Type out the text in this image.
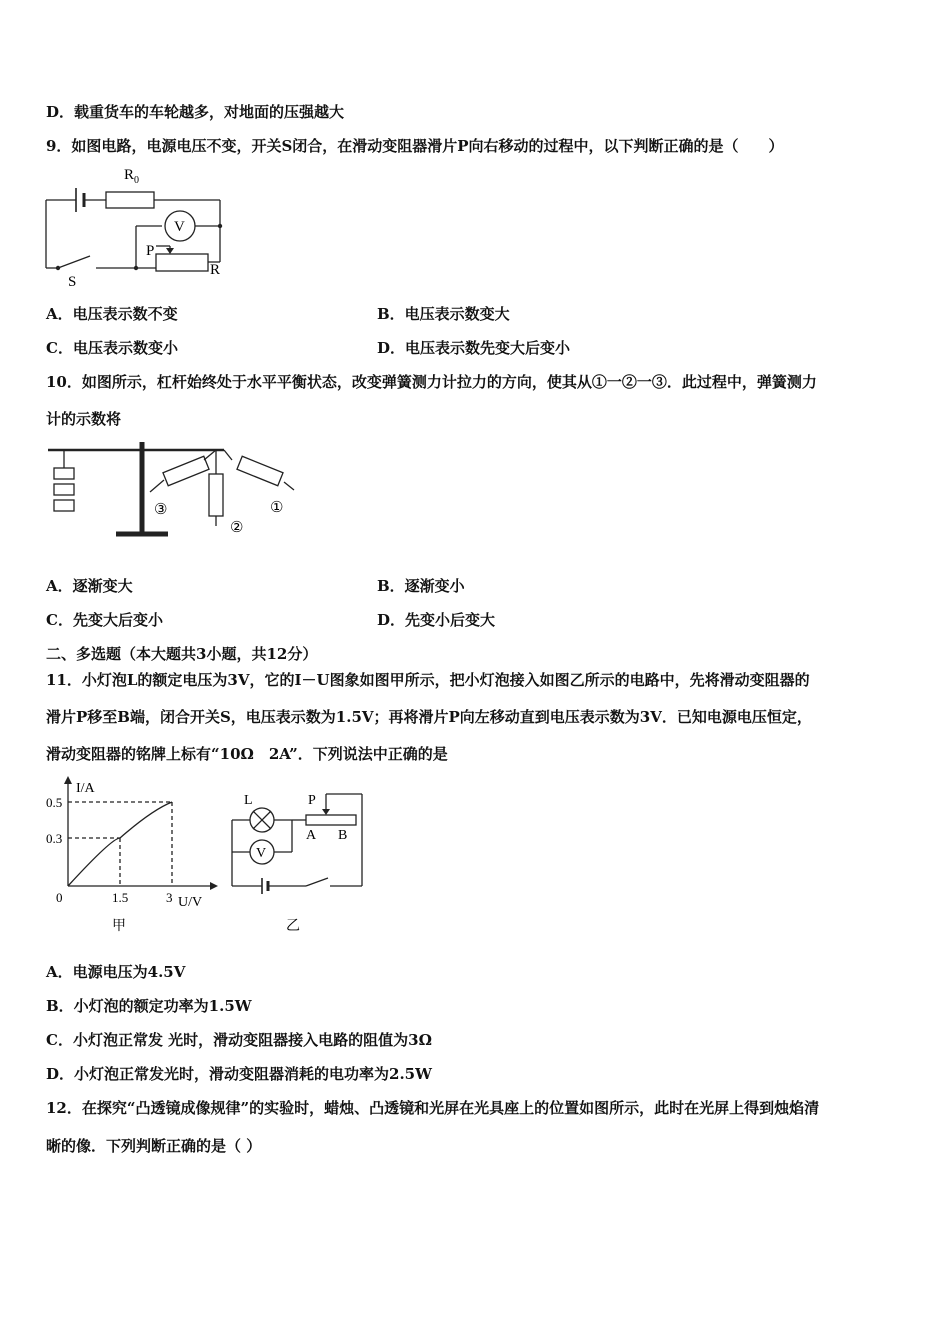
D．载重货车的车轮越多，对地面的压强越大
9．如图电路，电源电压不变，开关S闭合，在滑动变阻器滑片P向右移动的过程中，以下判断正确的是（　　）
$R_0$
V
P
R
S
A．电压表示数不变	B．电压表示数变大
C．电压表示数变小	D．电压表示数先变大后变小
10．如图所示，杠杆始终处于水平平衡状态，改变弹簧测力计拉力的方向，使其从①一②一③．此过程中，弹簧测力
计的示数将
③
②
①
A．逐渐变大	B．逐渐变小
C．先变大后变小	D．先变小后变大
二、多选题（本大题共3小题，共12分）
11．小灯泡L的额定电压为3V，它的I－U图象如图甲所示，把小灯泡接入如图乙所示的电路中，先将滑动变阻器的
滑片P移至B端，闭合开关S，电压表示数为1.5V；再将滑片P向左移动直到电压表示数为3V．已知电源电压恒定，
滑动变阻器的铭牌上标有“10Ω　2A”．下列说法中正确的是
I/A
U/V
0.5
0.3
0	1.5	3
甲
L
V
P
A B
乙
A．电源电压为4.5V
B．小灯泡的额定功率为1.5W
C．小灯泡正常发 光时，滑动变阻器接入电路的阻值为3Ω
D．小灯泡正常发光时，滑动变阻器消耗的电功率为2.5W
12．在探究“凸透镜成像规律”的实验时，蜡烛、凸透镜和光屏在光具座上的位置如图所示，此时在光屏上得到烛焰清
晰的像．下列判断正确的是（ ）
